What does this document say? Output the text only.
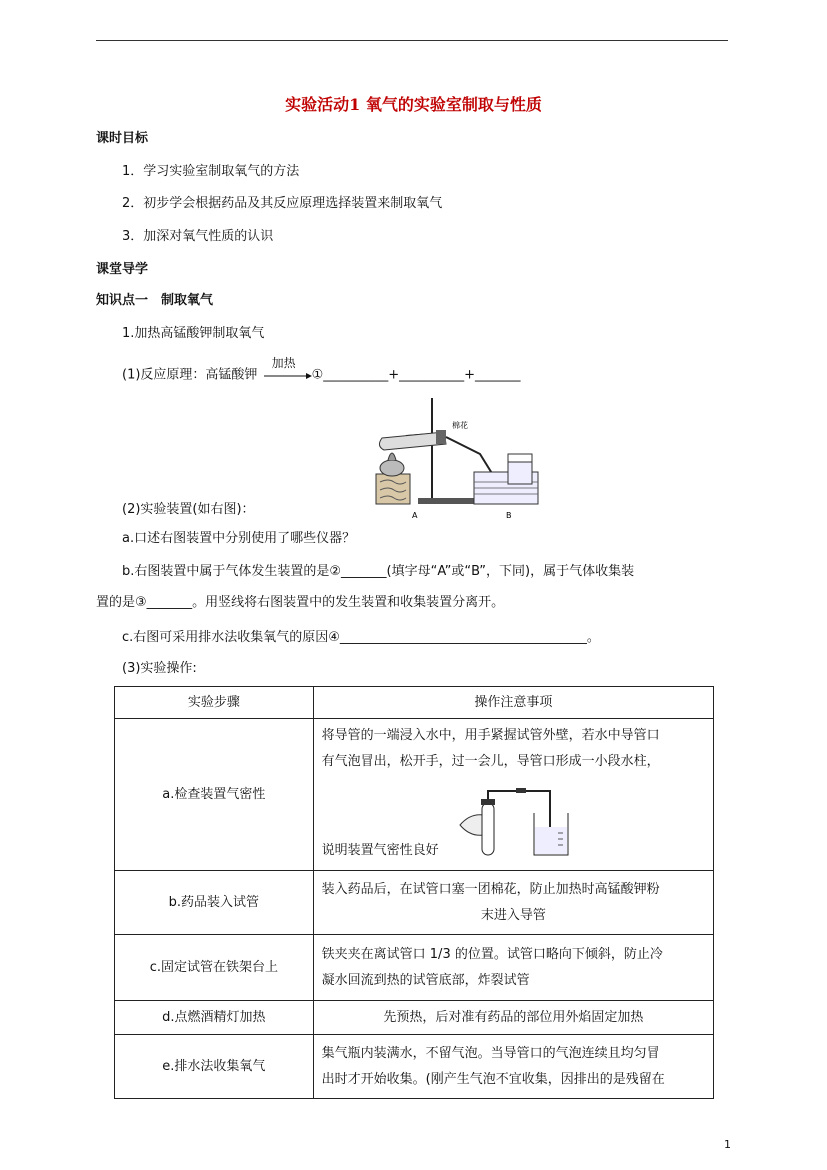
实验活动1 氧气的实验室制取与性质
课时目标
1．学习实验室制取氧气的方法
2．初步学会根据药品及其反应原理选择装置来制取氧气
3．加深对氧气性质的认识
课堂导学
知识点一　制取氧气
1.加热高锰酸钾制取氧气
(1)反应原理：高锰酸钾
加热
①__________+__________+_______
棉花
A	B
(2)实验装置(如右图)：
a.口述右图装置中分别使用了哪些仪器？
b.右图装置中属于气体发生装置的是②_______(填字母“A”或“B”，下同)，属于气体收集装
置的是③_______。用竖线将右图装置中的发生装置和收集装置分离开。
c.右图可采用排水法收集氧气的原因④______________________________________。
(3)实验操作:
实验步骤	操作注意事项
a.检查装置气密性	将导管的一端浸入水中，用手紧握试管外壁，若水中导管口
有气泡冒出，松开手，过一会儿，导管口形成一小段水柱，
说明装置气密性良好

b.药品装入试管	装入药品后，在试管口塞一团棉花，防止加热时高锰酸钾粉
末进入导管

c.固定试管在铁架台上	铁夹夹在离试管口 1/3 的位置。试管口略向下倾斜，防止冷
凝水回流到热的试管底部，炸裂试管

d.点燃酒精灯加热	先预热，后对准有药品的部位用外焰固定加热
e.排水法收集氧气	集气瓶内装满水，不留气泡。当导管口的气泡连续且均匀冒
出时才开始收集。(刚产生气泡不宜收集，因排出的是残留在
1
